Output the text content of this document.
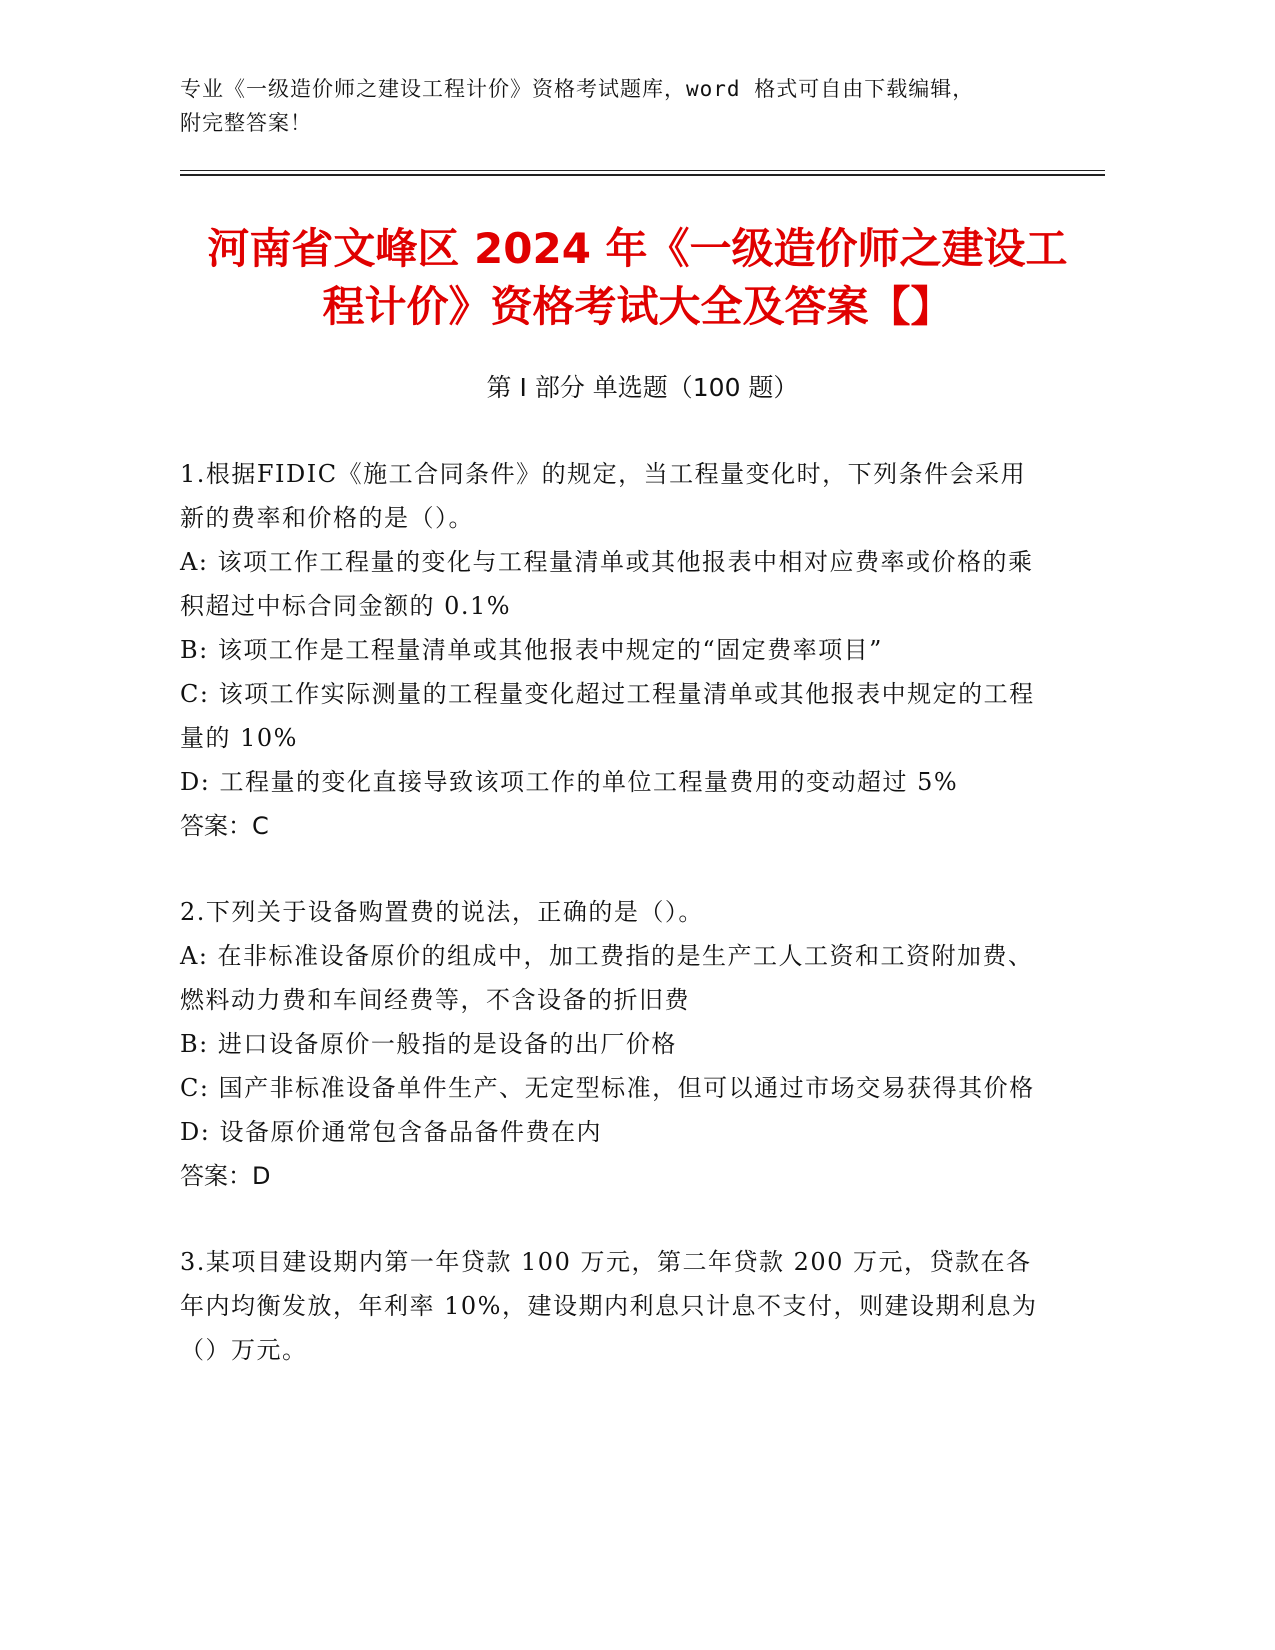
专业《一级造价师之建设工程计价》资格考试题库，word 格式可自由下载编辑，
附完整答案！
河南省文峰区 2024 年《一级造价师之建设工
程计价》资格考试大全及答案【】
第 I 部分 单选题（100 题）

1.根据FIDIC《施工合同条件》的规定，当工程量变化时，下列条件会采用新的费率和价格的是（）。

A: 该项工作工程量的变化与工程量清单或其他报表中相对应费率或价格的乘积超过中标合同金额的 0.1%

B: 该项工作是工程量清单或其他报表中规定的“固定费率项目”

C: 该项工作实际测量的工程量变化超过工程量清单或其他报表中规定的工程量的 10%

D: 工程量的变化直接导致该项工作的单位工程量费用的变动超过 5%

答案：C

2.下列关于设备购置费的说法，正确的是（）。

A: 在非标准设备原价的组成中，加工费指的是生产工人工资和工资附加费、燃料动力费和车间经费等，不含设备的折旧费

B: 进口设备原价一般指的是设备的出厂价格

C: 国产非标准设备单件生产、无定型标准，但可以通过市场交易获得其价格

D: 设备原价通常包含备品备件费在内

答案：D

3.某项目建设期内第一年贷款 100 万元，第二年贷款 200 万元，贷款在各年内均衡发放，年利率 10%，建设期内利息只计息不支付，则建设期利息为（）万元。
